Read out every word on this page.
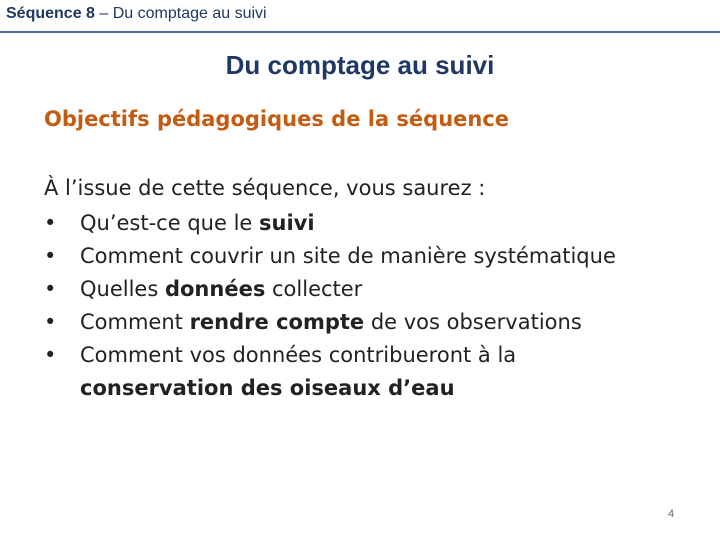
Séquence 8 – Du comptage au suivi
Du comptage au suivi
Objectifs pédagogiques de la séquence
À l’issue de cette séquence, vous saurez :
•	Qu’est-ce que le suivi
•	Comment couvrir un site de manière systématique
•	Quelles données collecter
•	Comment rendre compte de vos observations
•	Comment vos données contribueront à la
conservation des oiseaux d’eau
4
